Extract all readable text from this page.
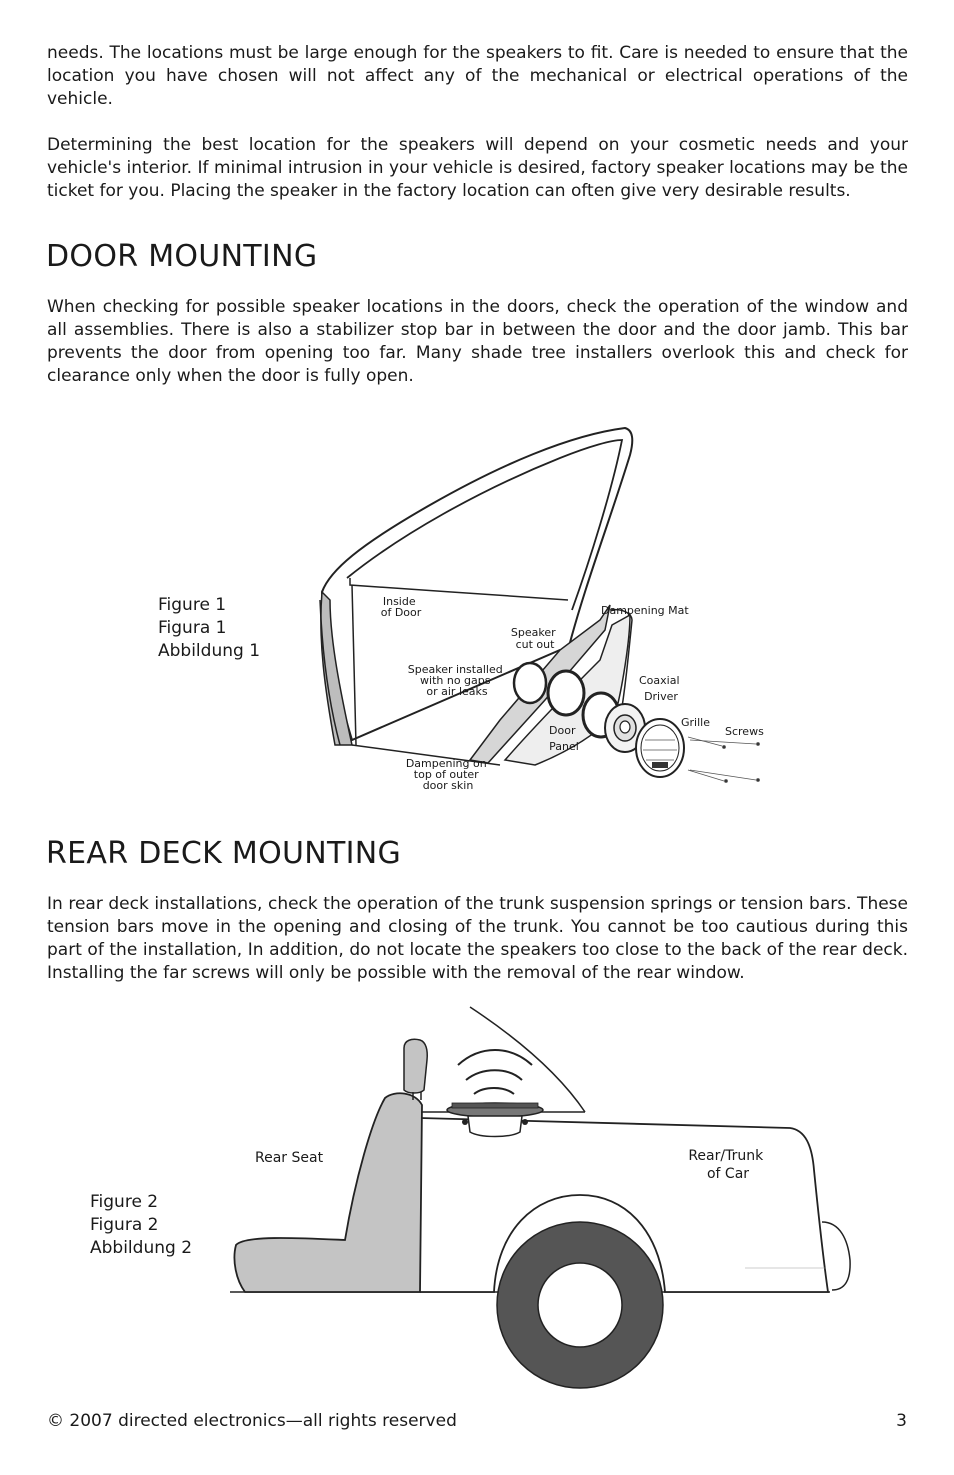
needs. The locations must be large enough for the speakers to fit. Care is needed to ensure that the location you have chosen will not affect any of the mechanical or electrical operations of the vehicle.

Determining the best location for the speakers will depend on your cosmetic needs and your vehicle's interior. If minimal intrusion in your vehicle is desired, factory speaker locations may be the ticket for you. Placing the speaker in the factory location can often give very desirable results.

DOOR MOUNTING

When checking for possible speaker locations in the doors, check the operation of the window and all assemblies. There is also a stabilizer stop bar in between the door and the door jamb. This bar prevents the door from opening too far. Many shade tree installers overlook this and check for clearance only when the door is fully open.

Figure 1
Figura 1
Abbildung 1
Inside of Door	Dampening Mat
Speaker cut out
Speaker installed with no gaps or air leaks
Coaxial Driver
Grille
Screws
Door Panel
Dampening on top of outer door skin
Rear Seat	Rear/Trunk of Car
REAR DECK MOUNTING

In rear deck installations, check the operation of the trunk suspension springs or tension bars. These tension bars move in the opening and closing of the trunk. You cannot be too cautious during this part of the installation, In addition, do not locate the speakers too close to the back of the rear deck. Installing the far screws will only be possible with the removal of the rear window.

Figure 2
Figura 2
Abbildung 2
© 2007 directed electronics—all rights reserved	3
